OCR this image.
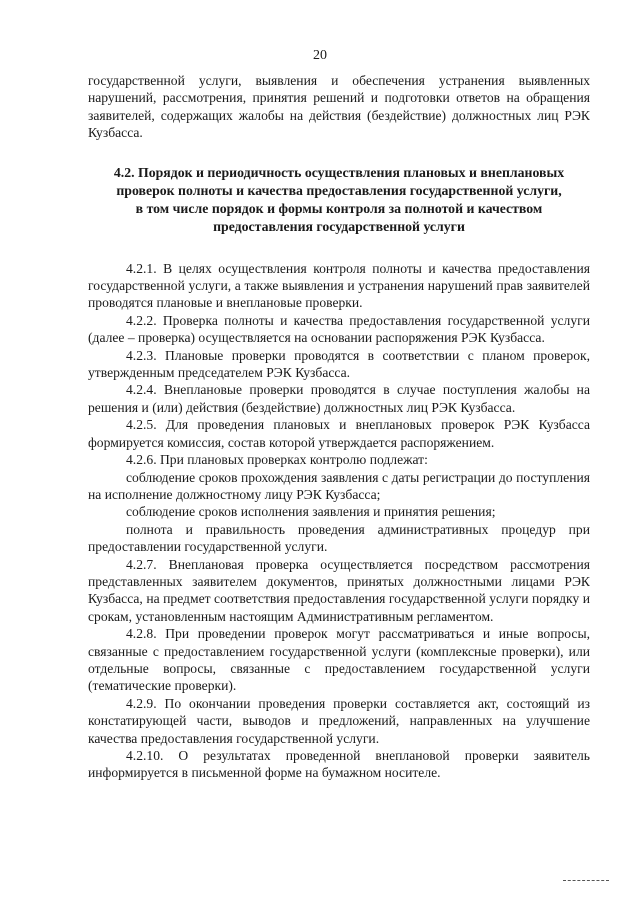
20

государственной услуги, выявления и обеспечения устранения выявленных нарушений, рассмотрения, принятия решений и подготовки ответов на обращения заявителей, содержащих жалобы на действия (бездействие) должностных лиц РЭК Кузбасса.

4.2. Порядок и периодичность осуществления плановых и внеплановых
проверок полноты и качества предоставления государственной услуги,
в том числе порядок и формы контроля за полнотой и качеством
предоставления государственной услуги

4.2.1. В целях осуществления контроля полноты и качества предоставления государственной услуги, а также выявления и устранения нарушений прав заявителей проводятся плановые и внеплановые проверки.

4.2.2. Проверка полноты и качества предоставления государственной услуги (далее – проверка) осуществляется на основании распоряжения РЭК Кузбасса.

4.2.3. Плановые проверки проводятся в соответствии с планом проверок, утвержденным председателем РЭК Кузбасса.

4.2.4. Внеплановые проверки проводятся в случае поступления жалобы на решения и (или) действия (бездействие) должностных лиц РЭК Кузбасса.

4.2.5. Для проведения плановых и внеплановых проверок РЭК Кузбасса формируется комиссия, состав которой утверждается распоряжением.

4.2.6. При плановых проверках контролю подлежат:

соблюдение сроков прохождения заявления с даты регистрации до поступления на исполнение должностному лицу РЭК Кузбасса;

соблюдение сроков исполнения заявления и принятия решения;

полнота и правильность проведения административных процедур при предоставлении государственной услуги.

4.2.7. Внеплановая проверка осуществляется посредством рассмотрения представленных заявителем документов, принятых должностными лицами РЭК Кузбасса, на предмет соответствия предоставления государственной услуги порядку и срокам, установленным настоящим Административным регламентом.

4.2.8. При проведении проверок могут рассматриваться и иные вопросы, связанные с предоставлением государственной услуги (комплексные проверки), или отдельные вопросы, связанные с предоставлением государственной услуги (тематические проверки).

4.2.9. По окончании проведения проверки составляется акт, состоящий из констатирующей части, выводов и предложений, направленных на улучшение качества предоставления государственной услуги.

4.2.10. О результатах проведенной внеплановой проверки заявитель информируется в письменной форме на бумажном носителе.
